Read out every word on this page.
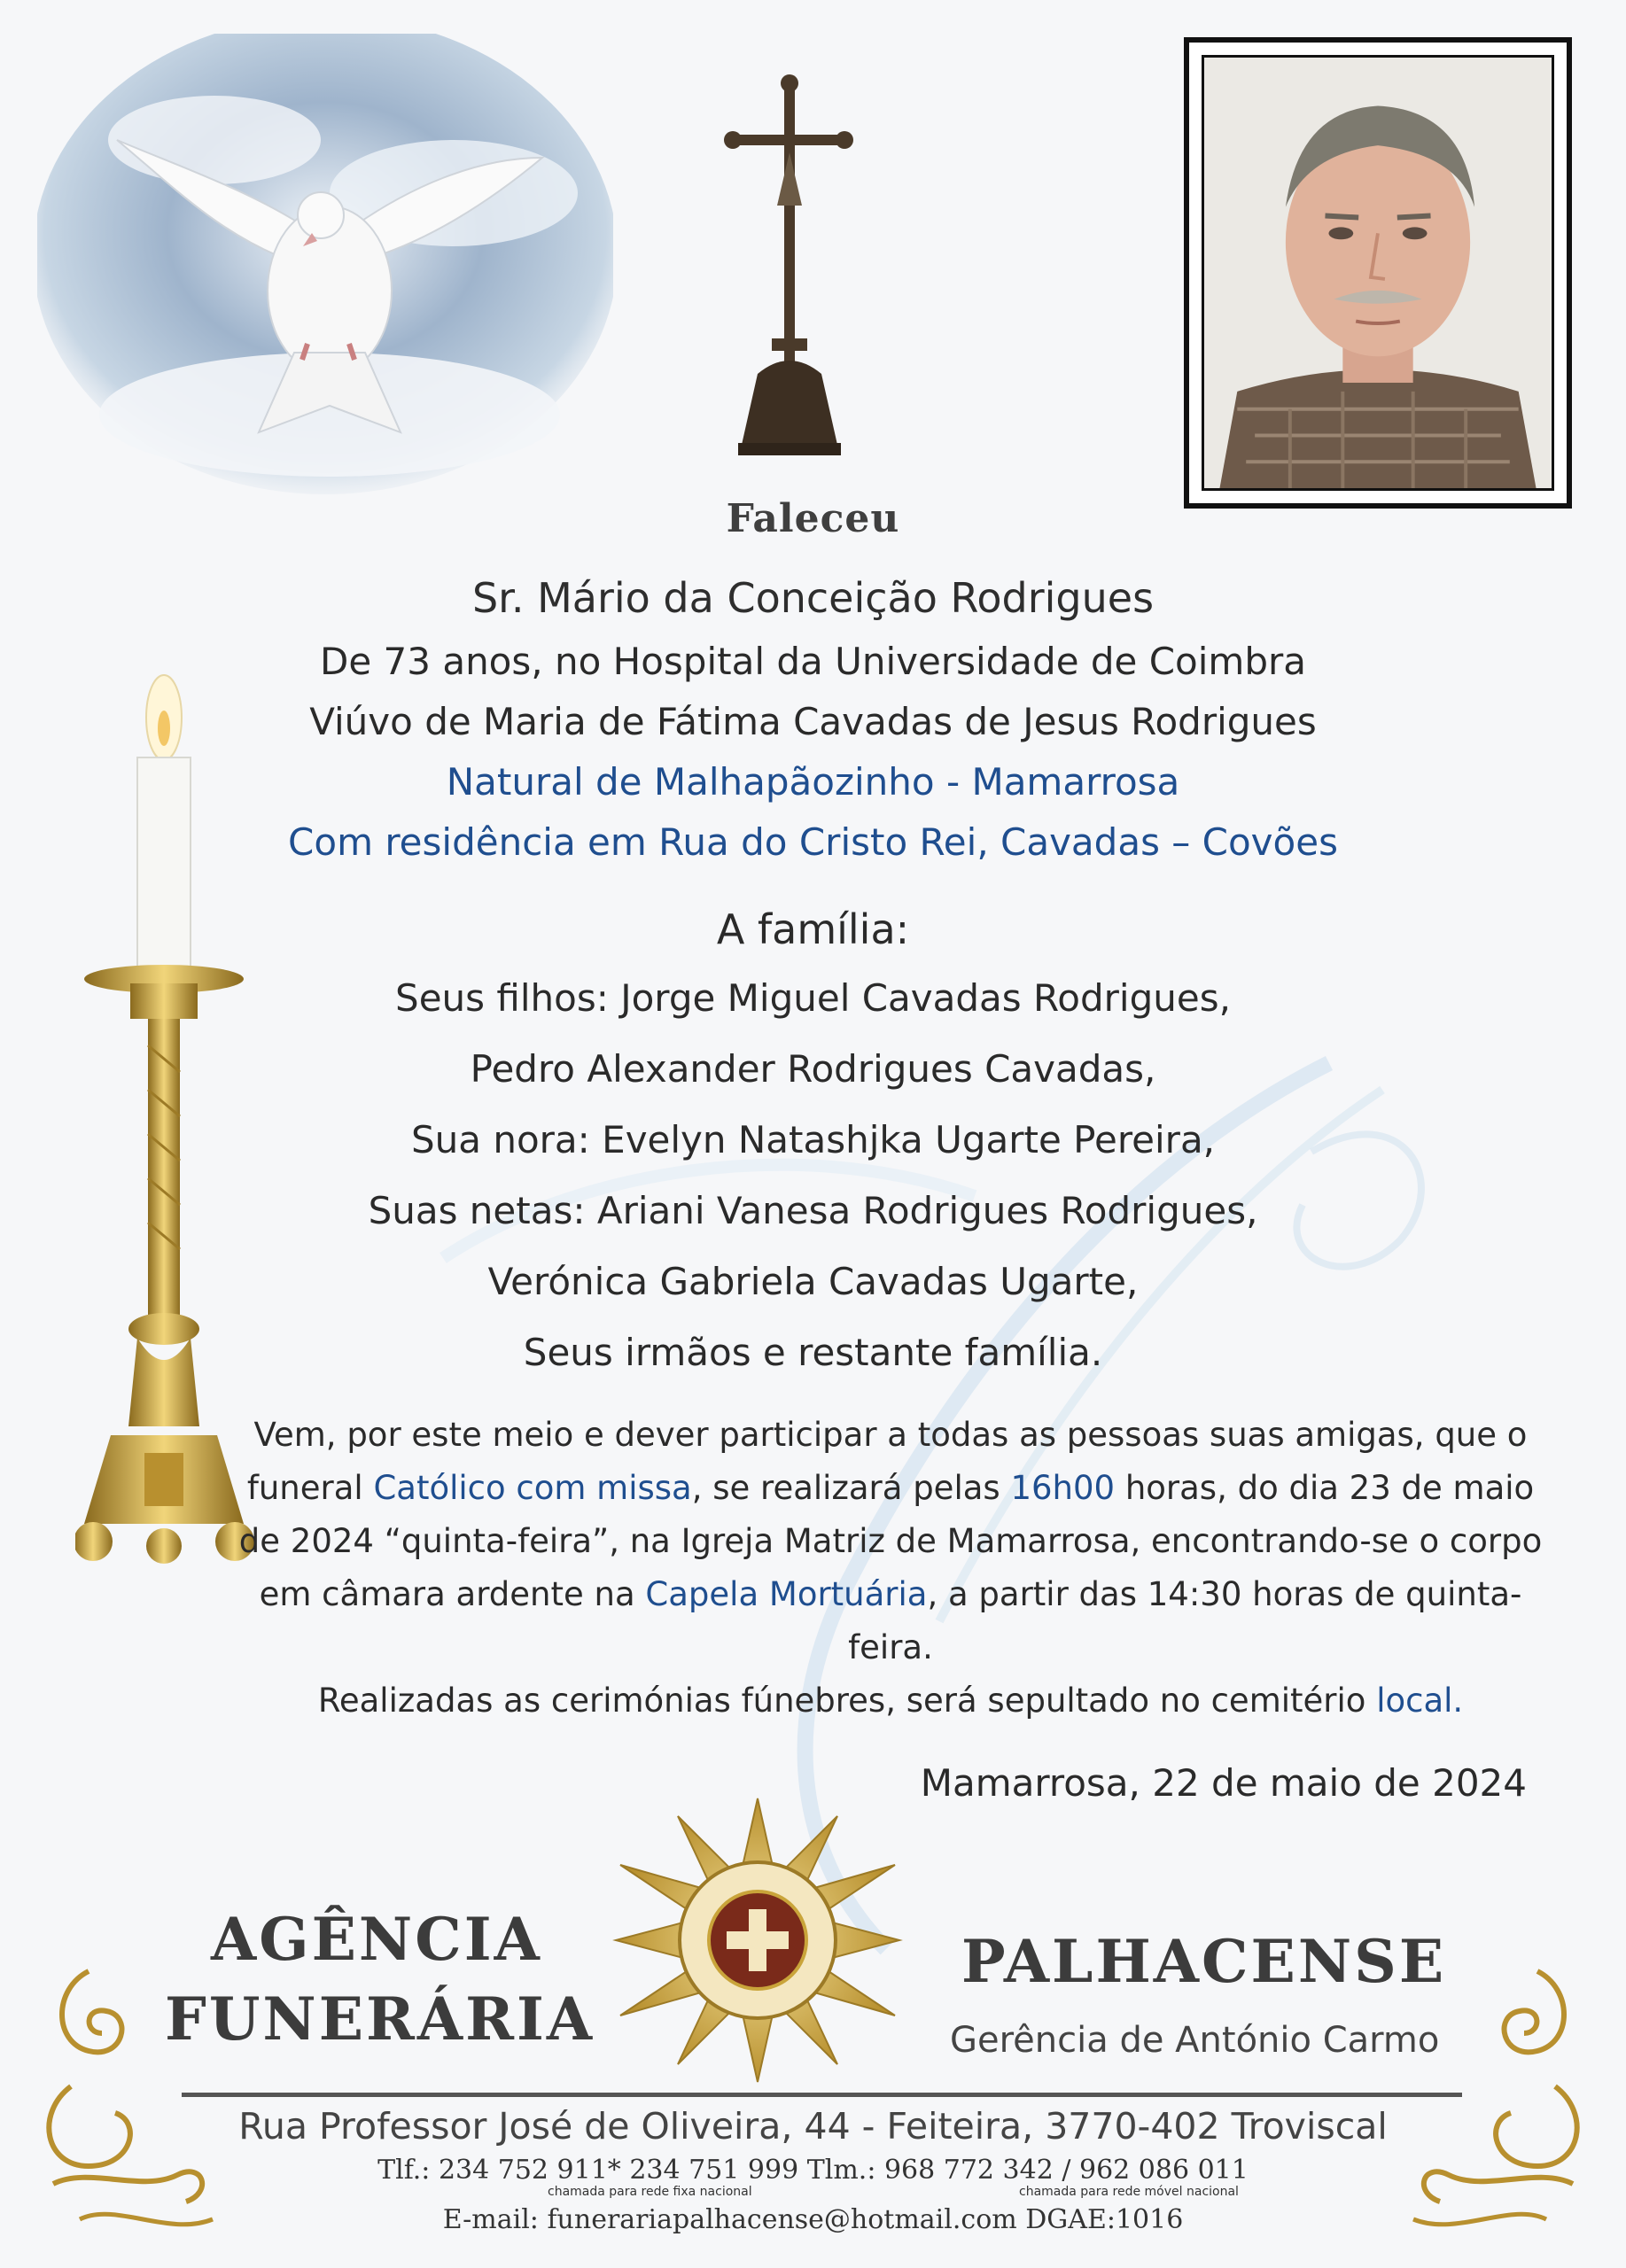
Faleceu
Sr. Mário da Conceição Rodrigues
De 73 anos, no Hospital da Universidade de Coimbra
Viúvo de Maria de Fátima Cavadas de Jesus Rodrigues
Natural de Malhapãozinho - Mamarrosa
Com residência em Rua do Cristo Rei, Cavadas – Covões
A família:
Seus filhos: Jorge Miguel Cavadas Rodrigues,
Pedro Alexander Rodrigues Cavadas,
Sua nora: Evelyn Natashjka Ugarte Pereira,
Suas netas: Ariani Vanesa Rodrigues Rodrigues,
Verónica Gabriela Cavadas Ugarte,
Seus irmãos e restante família.
Vem, por este meio e dever participar a todas as pessoas suas amigas, que o funeral Católico com missa, se realizará pelas 16h00 horas, do dia 23 de maio de 2024 “quinta-feira”, na Igreja Matriz de Mamarrosa, encontrando-se o corpo em câmara ardente na Capela Mortuária, a partir das 14:30 horas de quinta-feira.
Realizadas as cerimónias fúnebres, será sepultado no cemitério local.
Mamarrosa, 22 de maio de 2024
AGÊNCIA
FUNERÁRIA
PALHACENSE
Gerência de António Carmo
Rua Professor José de Oliveira, 44 - Feiteira, 3770-402 Troviscal
Tlf.: 234 752 911* 234 751 999 Tlm.: 968 772 342 / 962 086 011
chamada para rede fixa nacional	chamada para rede móvel nacional
E-mail: funerariapalhacense@hotmail.com DGAE:1016
